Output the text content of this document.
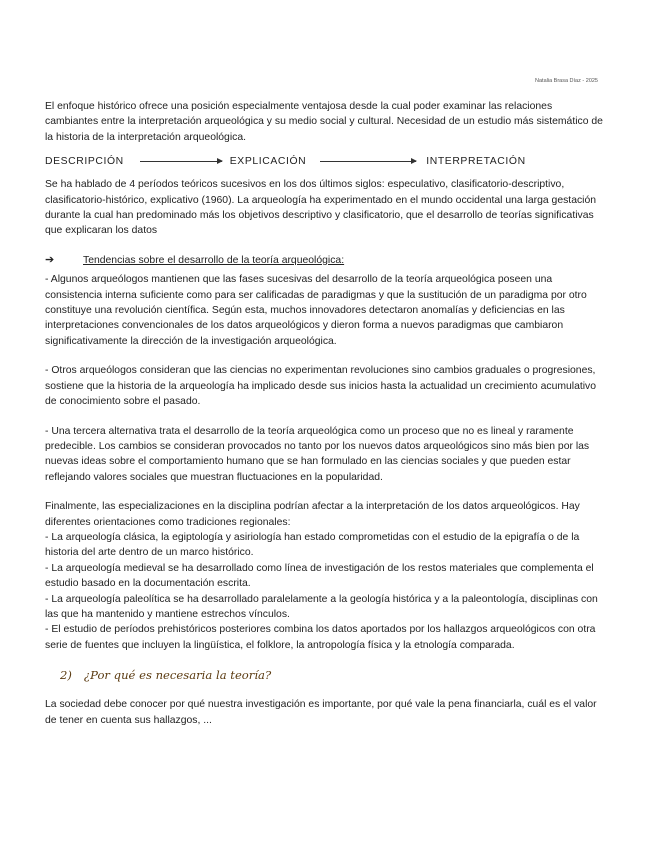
Natalia Brasa Díaz - 2025

El enfoque histórico ofrece una posición especialmente ventajosa desde la cual poder examinar las relaciones cambiantes entre la interpretación arqueológica y su medio social y cultural. Necesidad de un estudio más sistemático de la historia de la interpretación arqueológica.

DESCRIPCIÓN	EXPLICACIÓN	INTERPRETACIÓN

Se ha hablado de 4 períodos teóricos sucesivos en los dos últimos siglos: especulativo, clasificatorio-descriptivo, clasificatorio-histórico, explicativo (1960). La arqueología ha experimentado en el mundo occidental una larga gestación durante la cual han predominado más los objetivos descriptivo y clasificatorio, que el desarrollo de teorías significativas que explicaran los datos

➔	Tendencias sobre el desarrollo de la teoría arqueológica:

- Algunos arqueólogos mantienen que las fases sucesivas del desarrollo de la teoría arqueológica poseen una consistencia interna suficiente como para ser calificadas de paradigmas y que la sustitución de un paradigma por otro constituye una revolución científica. Según esta, muchos innovadores detectaron anomalías y deficiencias en las interpretaciones convencionales de los datos arqueológicos y dieron forma a nuevos paradigmas que cambiaron significativamente la dirección de la investigación arqueológica.

- Otros arqueólogos consideran que las ciencias no experimentan revoluciones sino cambios graduales o progresiones, sostiene que la historia de la arqueología ha implicado desde sus inicios hasta la actualidad un crecimiento acumulativo de conocimiento sobre el pasado.

- Una tercera alternativa trata el desarrollo de la teoría arqueológica como un proceso que no es lineal y raramente predecible. Los cambios se consideran provocados no tanto por los nuevos datos arqueológicos sino más bien por las nuevas ideas sobre el comportamiento humano que se han formulado en las ciencias sociales y que pueden estar reflejando valores sociales que muestran fluctuaciones en la popularidad.

Finalmente, las especializaciones en la disciplina podrían afectar a la interpretación de los datos arqueológicos. Hay diferentes orientaciones como tradiciones regionales:

- La arqueología clásica, la egiptología y asiriología han estado comprometidas con el estudio de la epigrafía o de la historia del arte dentro de un marco histórico.

- La arqueología medieval se ha desarrollado como línea de investigación de los restos materiales que complementa el estudio basado en la documentación escrita.

- La arqueología paleolítica se ha desarrollado paralelamente a la geología histórica y a la paleontología, disciplinas con las que ha mantenido y mantiene estrechos vínculos.

- El estudio de períodos prehistóricos posteriores combina los datos aportados por los hallazgos arqueológicos con otra serie de fuentes que incluyen la lingüística, el folklore, la antropología física y la etnología comparada.

2) ¿Por qué es necesaria la teoría?

La sociedad debe conocer por qué nuestra investigación es importante, por qué vale la pena financiarla, cuál es el valor de tener en cuenta sus hallazgos, ...
